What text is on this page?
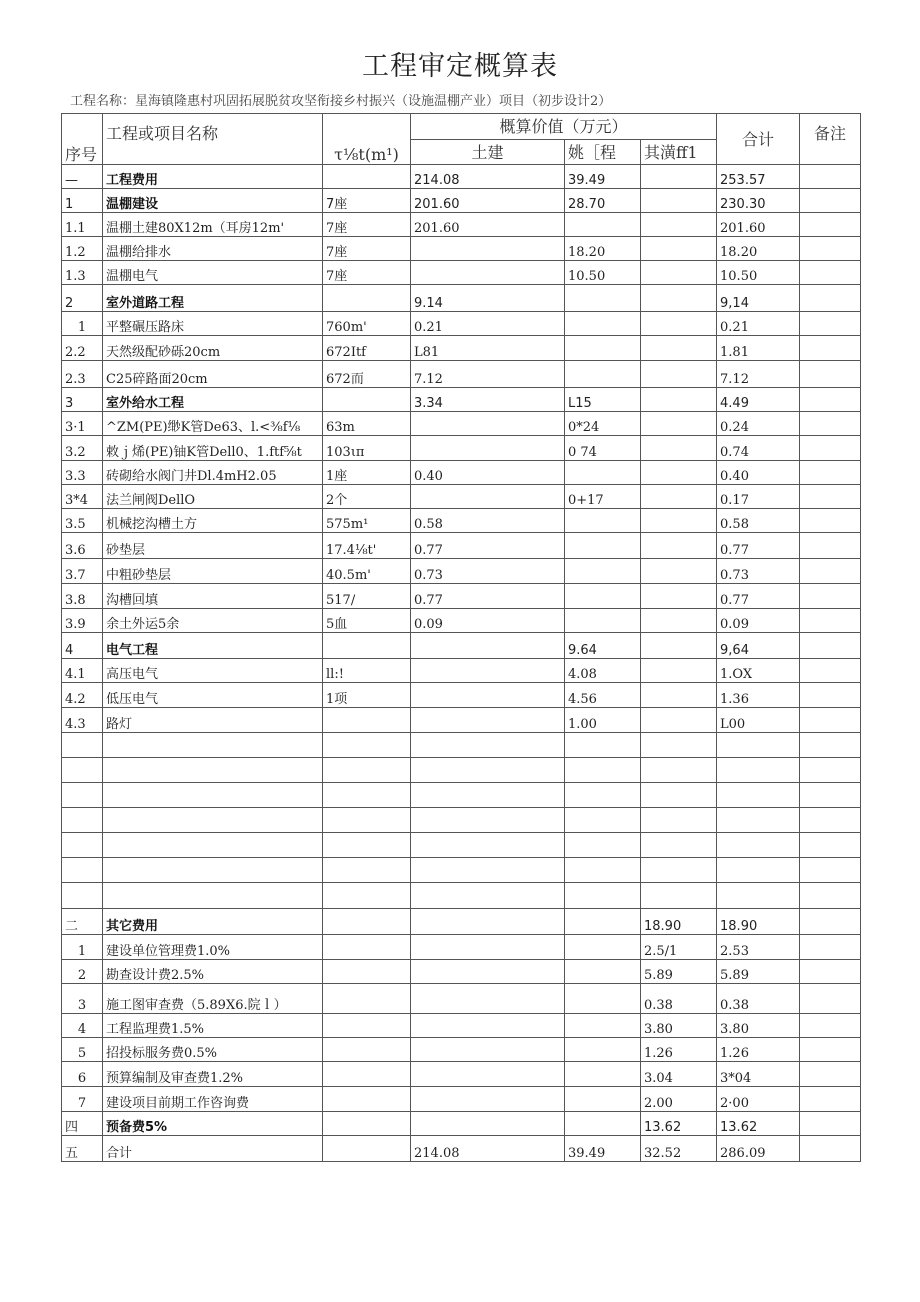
工程审定概算表
工程名称：星海镇隆惠村巩固拓展脱贫攻坚衔接乡村振兴（设施温棚产业）项目（初步设计2）
序号	工程或项目名称	τ⅛t(m¹)	概算价值（万元）			合计	备注
			土建	姚［程	其潢ff1		
—	工程费用		214.08	39.49		253.57	
1	温棚建设	7座	201.60	28.70		230.30	
1.1	温棚土建80X12m（耳房12m'	7座	201.60			201.60	
1.2	温棚给排水	7座		18.20		18.20	
1.3	温棚电气	7座		10.50		10.50	
2	室外道路工程		9.14			9,14	
1	平整碾压路床	760m'	0.21			0.21	
2.2	天然级配砂砾20cm	672Itf	L81			1.81	
2.3	C25碎路面20cm	672而	7.12			7.12	
3	室外给水工程		3.34	L15		4.49	
3·1	^ZM(PE)缈K管De63、l.<⅜f⅛	63m		0*24		0.24	
3.2	敕ｊ烯(PE)铀K管Dell0、1.ftf⅝t	103ιπ		0 74		0.74	
3.3	砖砌给水阀门井Dl.4mH2.05	1座	0.40			0.40	
3*4	法兰闸阀DellO	2个		0+17		0.17	
3.5	机械挖沟槽土方	575m¹	0.58			0.58	
3.6	砂垫层	17.4⅛t'	0.77			0.77	
3.7	中粗砂垫层	40.5m'	0.73			0.73	
3.8	沟槽回填	517/	0.77			0.77	
3.9	余土外运5余	5血	0.09			0.09	
4	电气工程			9.64		9,64	
4.1	高压电气	ll:!		4.08		1.OX	
4.2	低压电气	1项		4.56		1.36	
4.3	路灯			1.00		L00	

二	其它费用				18.90	18.90	
1	建设单位管理费1.0%				2.5/1	2.53	
2	勘查设计费2.5%				5.89	5.89	
3	施工图审查费（5.89X6.院ｌ）				0.38	0.38	
4	工程监理费1.5%				3.80	3.80	
5	招投标服务费0.5%				1.26	1.26	
6	预算编制及审查费1.2%				3.04	3*04	
7	建设项目前期工作咨询费				2.00	2·00	
四	预备费5%				13.62	13.62	
五	合计		214.08	39.49	32.52	286.09	
